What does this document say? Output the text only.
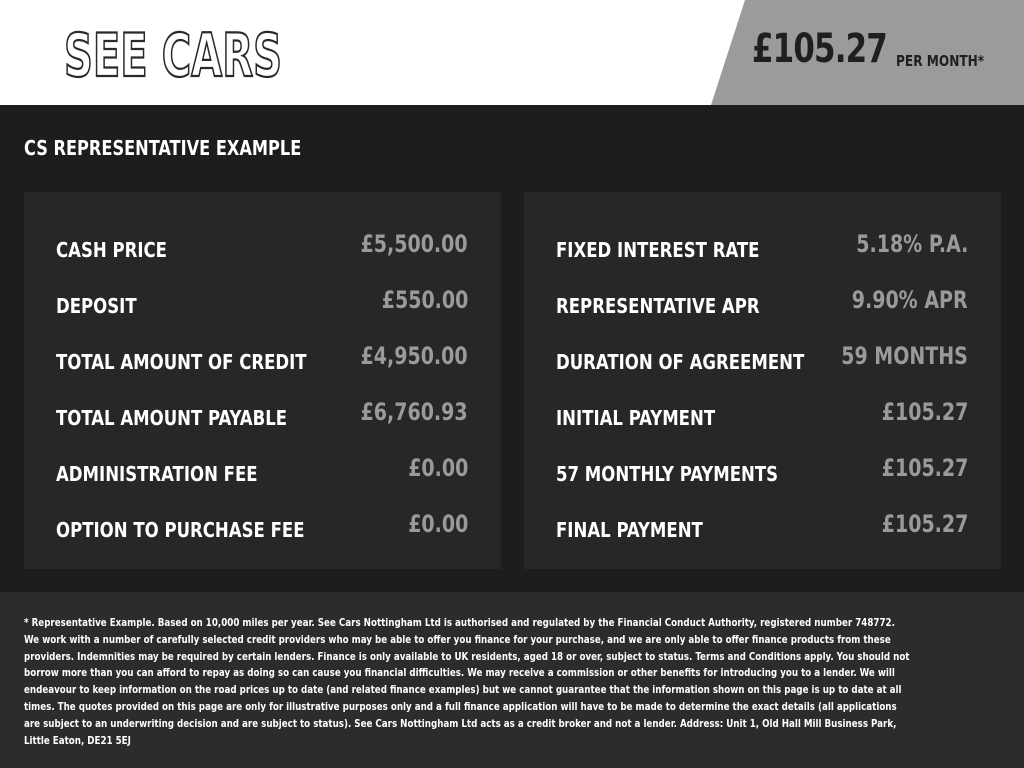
SEE CARS	£105.27 PER MONTH*
CS REPRESENTATIVE EXAMPLE
CASH PRICE	£5,500.00
DEPOSIT	£550.00
TOTAL AMOUNT OF CREDIT £4,950.00
TOTAL AMOUNT PAYABLE	£6,760.93
ADMINISTRATION FEE	£0.00
OPTION TO PURCHASE FEE	£0.00
FIXED INTEREST RATE	5.18% P.A.
REPRESENTATIVE APR	9.90% APR
DURATION OF AGREEMENT 59 MONTHS
INITIAL PAYMENT	£105.27
57 MONTHLY PAYMENTS	£105.27
FINAL PAYMENT	£105.27
* Representative Example. Based on 10,000 miles per year. See Cars Nottingham Ltd is authorised and regulated by the Financial Conduct Authority, registered number 748772. We work with a number of carefully selected credit providers who may be able to offer you finance for your purchase, and we are only able to offer finance products from these providers. Indemnities may be required by certain lenders. Finance is only available to UK residents, aged 18 or over, subject to status. Terms and Conditions apply. You should not borrow more than you can afford to repay as doing so can cause you financial difficulties. We may receive a commission or other benefits for introducing you to a lender. We will endeavour to keep information on the road prices up to date (and related finance examples) but we cannot guarantee that the information shown on this page is up to date at all times. The quotes provided on this page are only for illustrative purposes only and a full finance application will have to be made to determine the exact details (all applications are subject to an underwriting decision and are subject to status). See Cars Nottingham Ltd acts as a credit broker and not a lender. Address: Unit 1, Old Hall Mill Business Park, Little Eaton, DE21 5EJ
